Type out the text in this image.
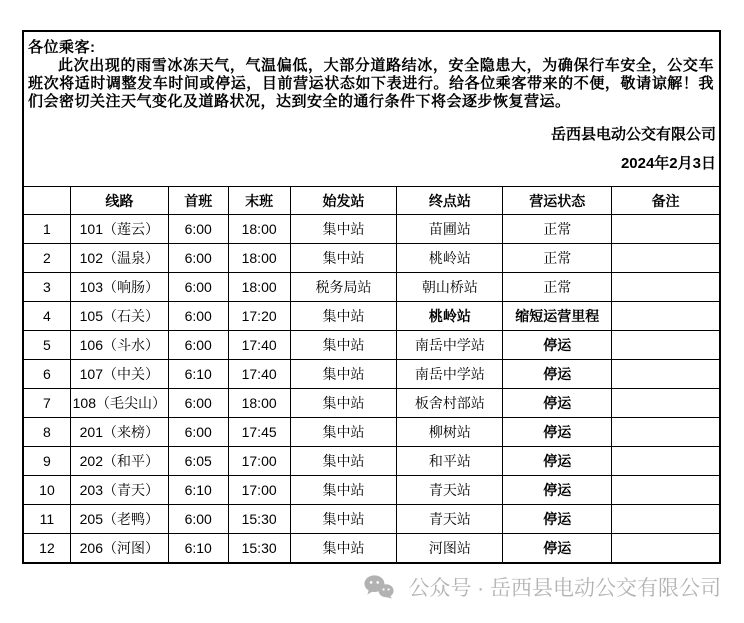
各位乘客:
此次出现的雨雪冰冻天气，气温偏低，大部分道路结冰，安全隐患大，为确保行车安全，公交车班次将适时调整发车时间或停运，目前营运状态如下表进行。给各位乘客带来的不便，敬请谅解！我们会密切关注天气变化及道路状况，达到安全的通行条件下将会逐步恢复营运。
岳西县电动公交有限公司
2024年2月3日
	线路	首班	末班	始发站	终点站	营运状态	备注
1	101（莲云）	6:00	18:00	集中站	苗圃站	正常	
2	102（温泉）	6:00	18:00	集中站	桃岭站	正常	
3	103（响肠）	6:00	18:00	税务局站	朝山桥站	正常	
4	105（石关）	6:00	17:20	集中站	桃岭站	缩短运营里程	
5	106（斗水）	6:00	17:40	集中站	南岳中学站	停运	
6	107（中关）	6:10	17:40	集中站	南岳中学站	停运	
7	108（毛尖山）	6:00	18:00	集中站	板舍村部站	停运	
8	201（来榜）	6:00	17:45	集中站	柳树站	停运	
9	202（和平）	6:05	17:00	集中站	和平站	停运	
10	203（青天）	6:10	17:00	集中站	青天站	停运	
11	205（老鸭）	6:00	15:30	集中站	青天站	停运	
12	206（河图）	6:10	15:30	集中站	河图站	停运	
公众号 · 岳西县电动公交有限公司
